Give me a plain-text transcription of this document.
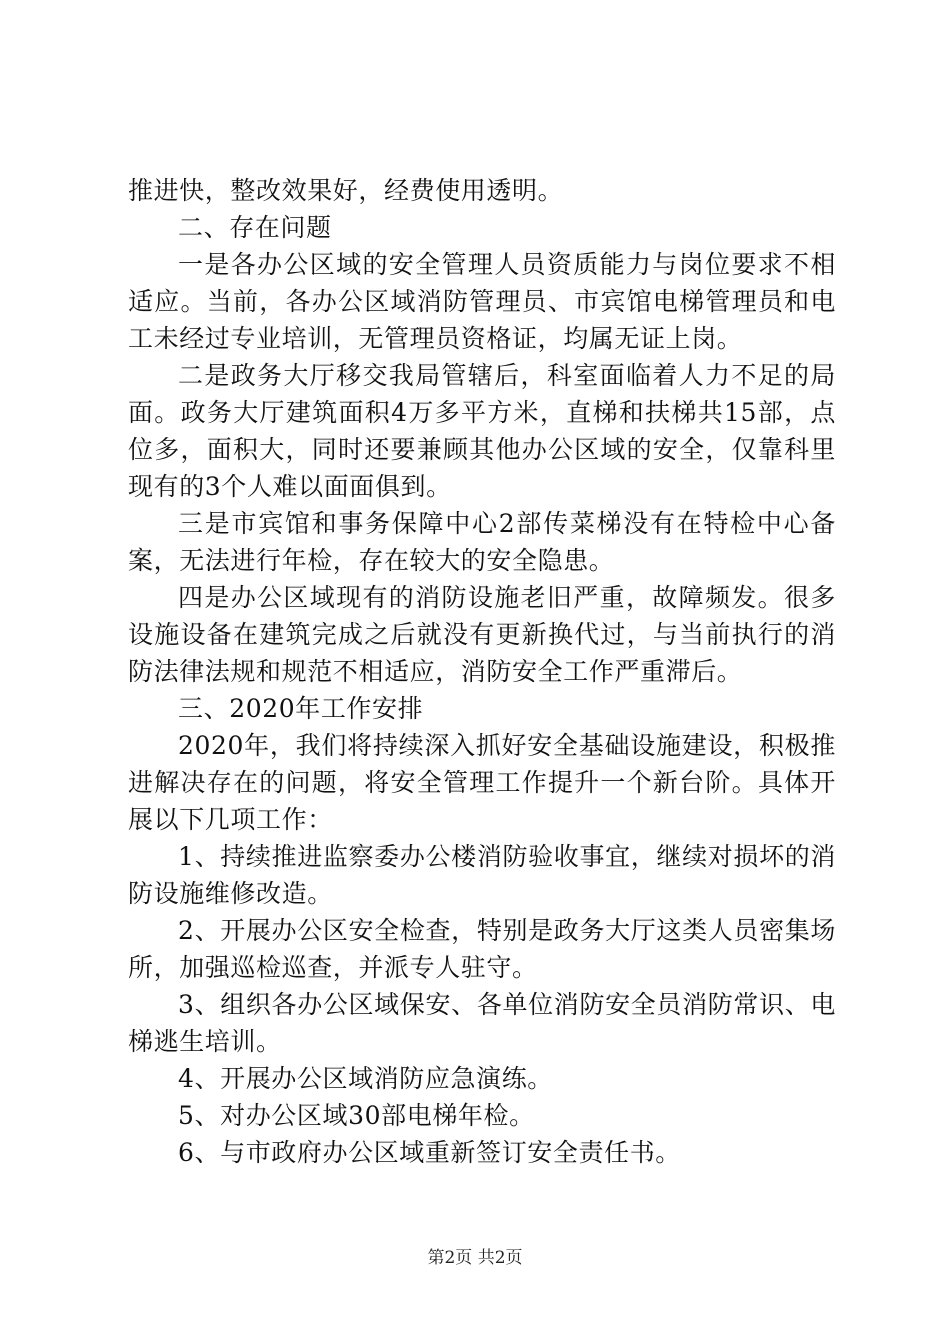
推进快，整改效果好，经费使用透明。

二、存在问题

一是各办公区域的安全管理人员资质能力与岗位要求不相适应。当前，各办公区域消防管理员、市宾馆电梯管理员和电工未经过专业培训，无管理员资格证，均属无证上岗。

二是政务大厅移交我局管辖后，科室面临着人力不足的局面。政务大厅建筑面积4万多平方米，直梯和扶梯共15部，点位多，面积大，同时还要兼顾其他办公区域的安全，仅靠科里现有的3个人难以面面俱到。

三是市宾馆和事务保障中心2部传菜梯没有在特检中心备案，无法进行年检，存在较大的安全隐患。

四是办公区域现有的消防设施老旧严重，故障频发。很多设施设备在建筑完成之后就没有更新换代过，与当前执行的消防法律法规和规范不相适应，消防安全工作严重滞后。

三、2020年工作安排

2020年，我们将持续深入抓好安全基础设施建设，积极推进解决存在的问题，将安全管理工作提升一个新台阶。具体开展以下几项工作：

1、持续推进监察委办公楼消防验收事宜，继续对损坏的消防设施维修改造。

2、开展办公区安全检查，特别是政务大厅这类人员密集场所，加强巡检巡查，并派专人驻守。

3、组织各办公区域保安、各单位消防安全员消防常识、电梯逃生培训。

4、开展办公区域消防应急演练。

5、对办公区域30部电梯年检。

6、与市政府办公区域重新签订安全责任书。

第2页 共2页
